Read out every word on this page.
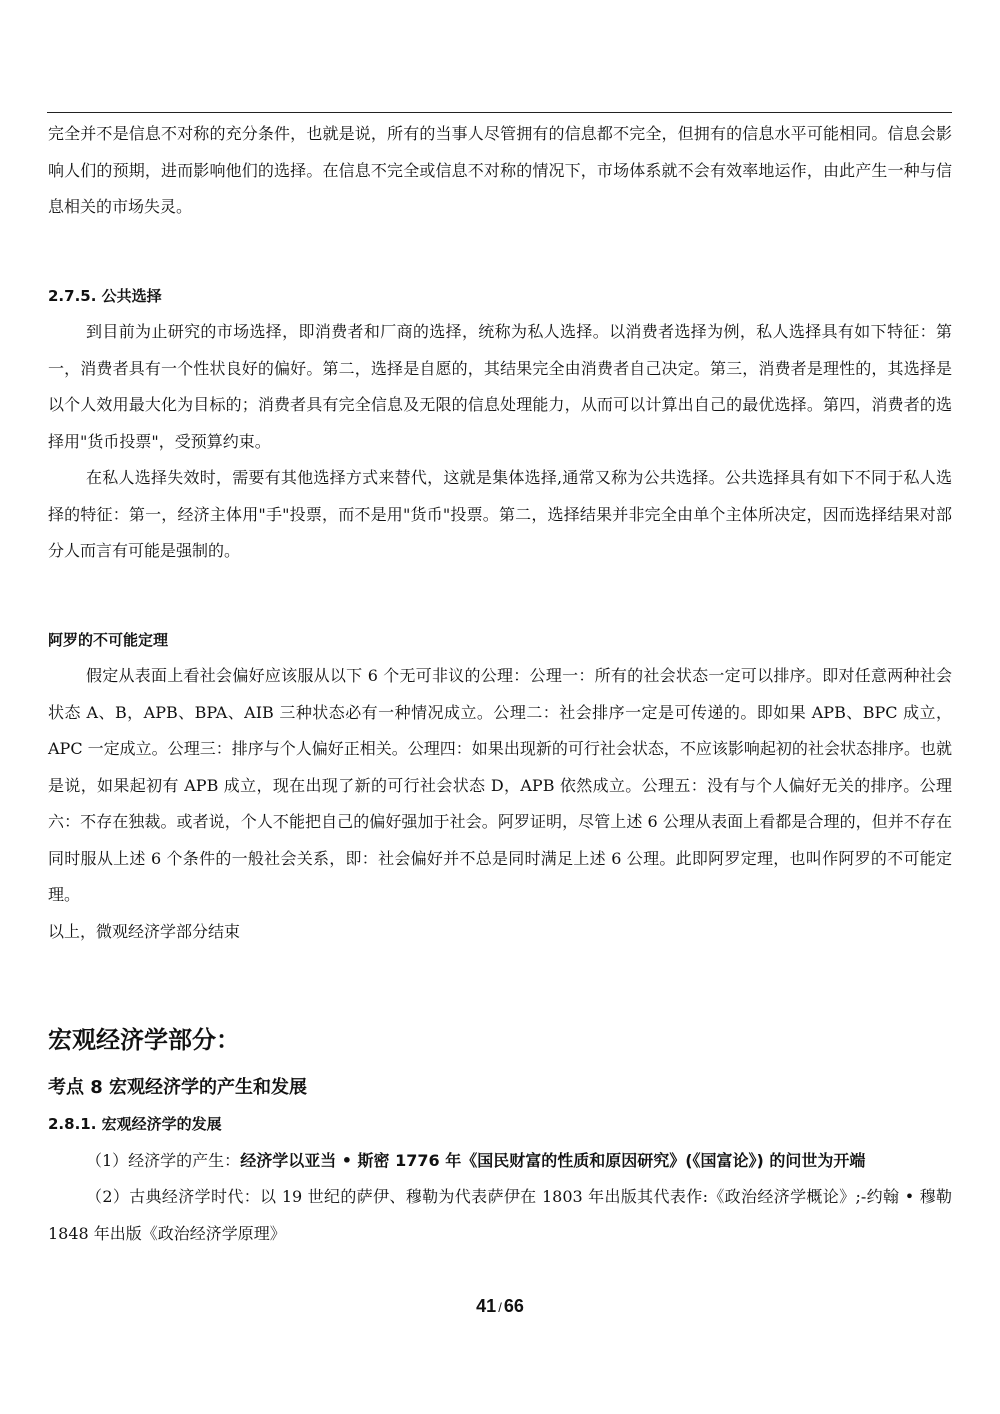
完全并不是信息不对称的充分条件，也就是说，所有的当事人尽管拥有的信息都不完全，但拥有的信息水平可能相同。信息会影响人们的预期，进而影响他们的选择。在信息不完全或信息不对称的情况下，市场体系就不会有效率地运作，由此产生一种与信息相关的市场失灵。

2.7.5. 公共选择

到目前为止研究的市场选择，即消费者和厂商的选择，统称为私人选择。以消费者选择为例，私人选择具有如下特征：第一，消费者具有一个性状良好的偏好。第二，选择是自愿的，其结果完全由消费者自己决定。第三，消费者是理性的，其选择是以个人效用最大化为目标的；消费者具有完全信息及无限的信息处理能力，从而可以计算出自己的最优选择。第四，消费者的选择用"货币投票"，受预算约束。

在私人选择失效时，需要有其他选择方式来替代，这就是集体选择,通常又称为公共选择。公共选择具有如下不同于私人选择的特征：第一，经济主体用"手"投票，而不是用"货币"投票。第二，选择结果并非完全由单个主体所决定，因而选择结果对部分人而言有可能是强制的。

阿罗的不可能定理

假定从表面上看社会偏好应该服从以下 6 个无可非议的公理：公理一：所有的社会状态一定可以排序。即对任意两种社会状态 A、B，APB、BPA、AIB 三种状态必有一种情况成立。公理二：社会排序一定是可传递的。即如果 APB、BPC 成立，APC 一定成立。公理三：排序与个人偏好正相关。公理四：如果出现新的可行社会状态，不应该影响起初的社会状态排序。也就是说，如果起初有 APB 成立，现在出现了新的可行社会状态 D，APB 依然成立。公理五：没有与个人偏好无关的排序。公理六：不存在独裁。或者说，个人不能把自己的偏好强加于社会。阿罗证明，尽管上述 6 公理从表面上看都是合理的，但并不存在同时服从上述 6 个条件的一般社会关系，即：社会偏好并不总是同时满足上述 6 公理。此即阿罗定理，也叫作阿罗的不可能定理。

以上，微观经济学部分结束

宏观经济学部分：
考点 8 宏观经济学的产生和发展
2.8.1. 宏观经济学的发展

（1）经济学的产生：经济学以亚当 • 斯密 1776 年《国民财富的性质和原因研究》(《国富论》) 的问世为开端

（2）古典经济学时代：以 19 世纪的萨伊、穆勒为代表萨伊在 1803 年出版其代表作:《政治经济学概论》;-约翰 • 穆勒 1848 年出版《政治经济学原理》

41 / 66
